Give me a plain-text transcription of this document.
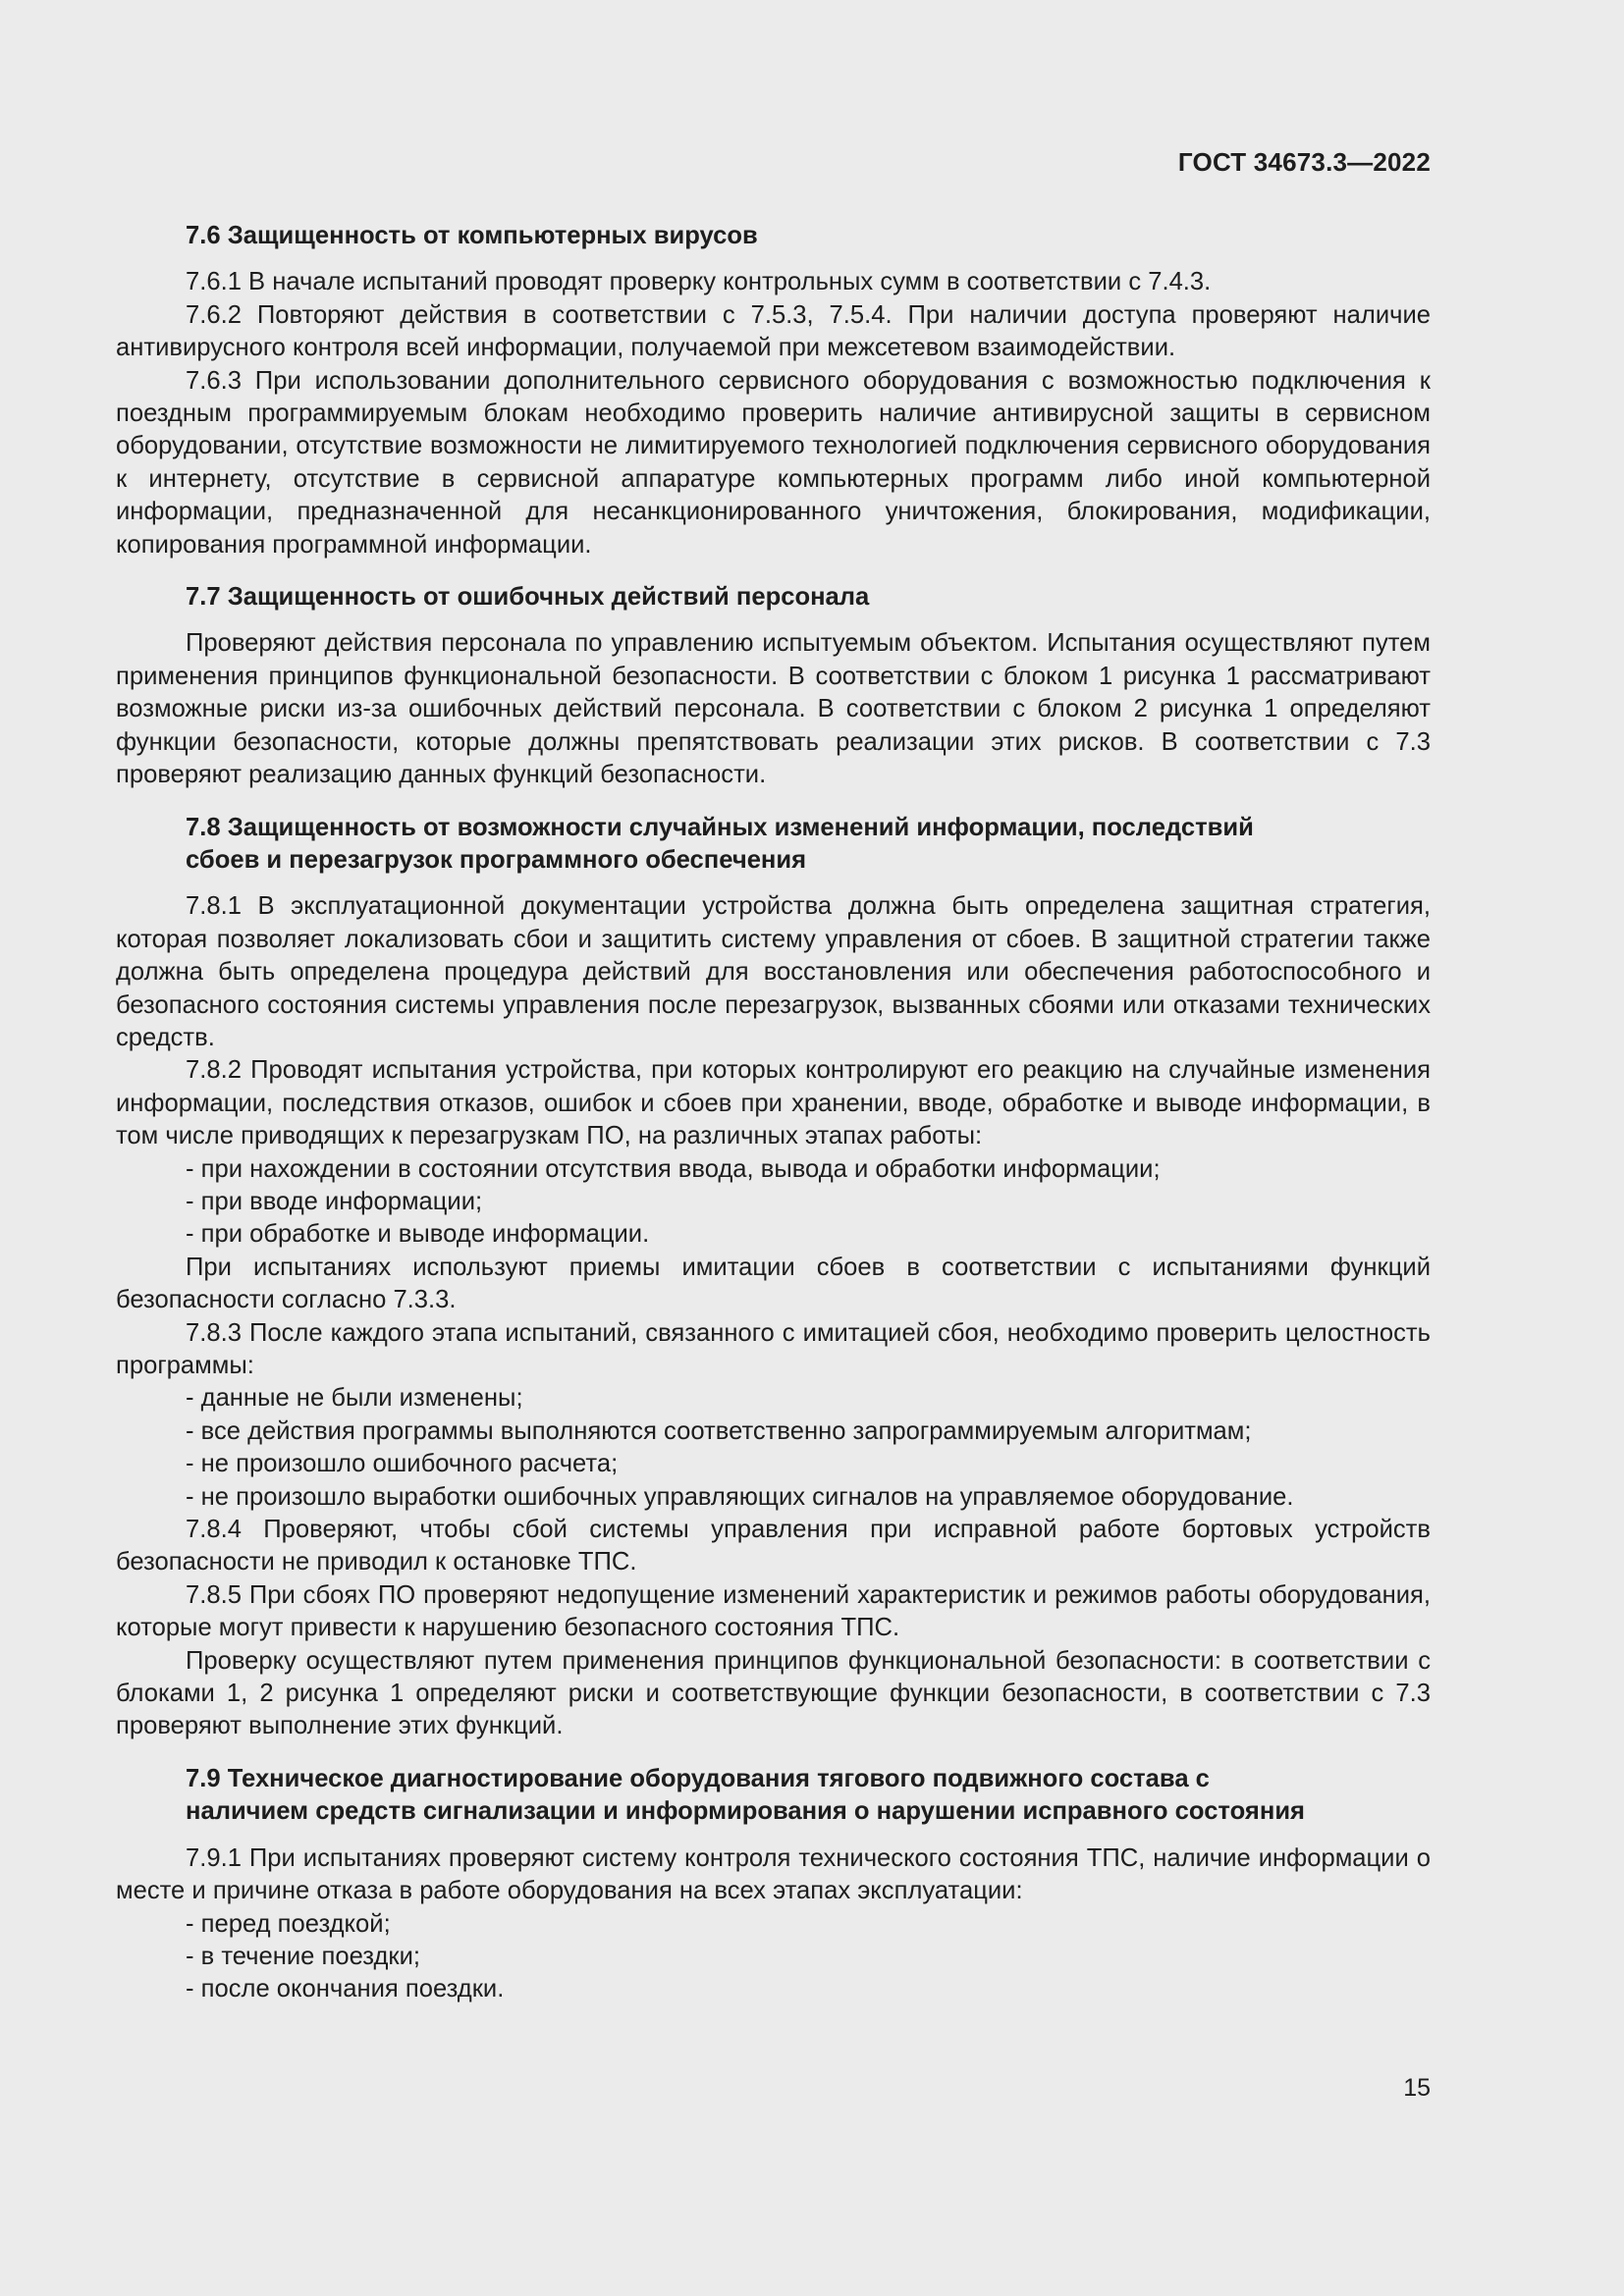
ГОСТ 34673.3—2022

7.6 Защищенность от компьютерных вирусов

7.6.1 В начале испытаний проводят проверку контрольных сумм в соответствии с 7.4.3.

7.6.2 Повторяют действия в соответствии с 7.5.3, 7.5.4. При наличии доступа проверяют наличие антивирусного контроля всей информации, получаемой при межсетевом взаимодействии.

7.6.3 При использовании дополнительного сервисного оборудования с возможностью подключения к поездным программируемым блокам необходимо проверить наличие антивирусной защиты в сервисном оборудовании, отсутствие возможности не лимитируемого технологией подключения сервисного оборудования к интернету, отсутствие в сервисной аппаратуре компьютерных программ либо иной компьютерной информации, предназначенной для несанкционированного уничтожения, блокирования, модификации, копирования программной информации.

7.7 Защищенность от ошибочных действий персонала

Проверяют действия персонала по управлению испытуемым объектом. Испытания осуществляют путем применения принципов функциональной безопасности. В соответствии с блоком 1 рисунка 1 рассматривают возможные риски из-за ошибочных действий персонала. В соответствии с блоком 2 рисунка 1 определяют функции безопасности, которые должны препятствовать реализации этих рисков. В соответствии с 7.3 проверяют реализацию данных функций безопасности.

7.8 Защищенность от возможности случайных изменений информации, последствий
сбоев и перезагрузок программного обеспечения

7.8.1 В эксплуатационной документации устройства должна быть определена защитная стратегия, которая позволяет локализовать сбои и защитить систему управления от сбоев. В защитной стратегии также должна быть определена процедура действий для восстановления или обеспечения работоспособного и безопасного состояния системы управления после перезагрузок, вызванных сбоями или отказами технических средств.

7.8.2 Проводят испытания устройства, при которых контролируют его реакцию на случайные изменения информации, последствия отказов, ошибок и сбоев при хранении, вводе, обработке и выводе информации, в том числе приводящих к перезагрузкам ПО, на различных этапах работы:

- при нахождении в состоянии отсутствия ввода, вывода и обработки информации;

- при вводе информации;

- при обработке и выводе информации.

При испытаниях используют приемы имитации сбоев в соответствии с испытаниями функций безопасности согласно 7.3.3.

7.8.3 После каждого этапа испытаний, связанного с имитацией сбоя, необходимо проверить целостность программы:

- данные не были изменены;

- все действия программы выполняются соответственно запрограммируемым алгоритмам;

- не произошло ошибочного расчета;

- не произошло выработки ошибочных управляющих сигналов на управляемое оборудование.

7.8.4 Проверяют, чтобы сбой системы управления при исправной работе бортовых устройств безопасности не приводил к остановке ТПС.

7.8.5 При сбоях ПО проверяют недопущение изменений характеристик и режимов работы оборудования, которые могут привести к нарушению безопасного состояния ТПС.

Проверку осуществляют путем применения принципов функциональной безопасности: в соответствии с блоками 1, 2 рисунка 1 определяют риски и соответствующие функции безопасности, в соответствии с 7.3 проверяют выполнение этих функций.

7.9 Техническое диагностирование оборудования тягового подвижного состава с
наличием средств сигнализации и информирования о нарушении исправного состояния

7.9.1 При испытаниях проверяют систему контроля технического состояния ТПС, наличие информации о месте и причине отказа в работе оборудования на всех этапах эксплуатации:

- перед поездкой;

- в течение поездки;

- после окончания поездки.

15
